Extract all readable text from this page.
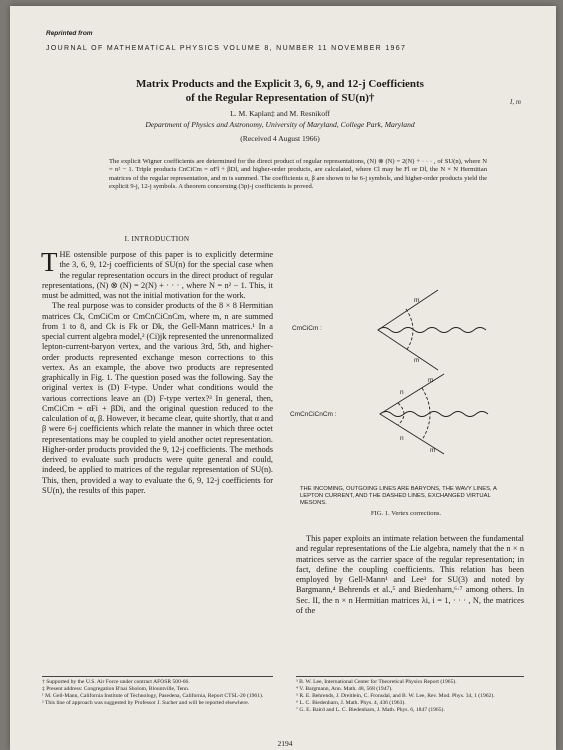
Reprinted from
JOURNAL OF MATHEMATICAL PHYSICS VOLUME 8, NUMBER 11 NOVEMBER 1967
Matrix Products and the Explicit 3, 6, 9, and 12-j Coefficients
of the Regular Representation of SU(n)†
L. M. Kaplan‡ and M. Resnikoff
Department of Physics and Astronomy, University of Maryland, College Park, Maryland
(Received 4 August 1966)
I, m
The explicit Wigner coefficients are determined for the direct product of regular representations, (N) ⊗ (N) = 2(N) + · · · , of SU(n), where N = n² − 1. Triple products CnCiCm = αFl + βDl, and higher-order products, are calculated, where Cl may be Fl or Dl, the N × N Hermitian matrices of the regular representation, and m is summed. The coefficients α, β are shown to be 6-j symbols, and higher-order products yield the explicit 9-j, 12-j symbols. A theorem concerning (3p)-j coefficients is proved.
I. INTRODUCTION

THE ostensible purpose of this paper is to explicitly determine the 3, 6, 9, 12-j coefficients of SU(n) for the special case when the regular representation occurs in the direct product of regular representations, (N) ⊗ (N) = 2(N) + · · · , where N = n² − 1. This, it must be admitted, was not the initial motivation for the work.

The real purpose was to consider products of the 8 × 8 Hermitian matrices Ck, CmCiCm or CmCnCiCnCm, where m, n are summed from 1 to 8, and Ck is Fk or Dk, the Gell-Mann matrices.¹ In a special current algebra model,² (Ci)jk represented the unrenormalized lepton-current-baryon vertex, and the various 3rd, 5th, and higher-order products represented exchange meson corrections to this vertex. As an example, the above two products are represented graphically in Fig. 1. The question posed was the following. Say the original vertex is (D) F-type. Under what conditions would the various corrections leave an (D) F-type vertex?³ In general, then, CmCiCm = αFi + βDi, and the original question reduced to the calculation of α, β. However, it became clear, quite shortly, that α and β were 6-j coefficients which relate the manner in which three octet representations may be coupled to yield another octet representation. Higher-order products provided the 9, 12-j coefficients. The methods derived to evaluate such products were quite general and could, indeed, be applied to matrices of the regular representation of SU(n). This, then, provided a way to evaluate the 6, 9, 12-j coefficients for SU(n), the results of this paper.

† Supported by the U.S. Air Force under contract AFOSR 500-66.
‡ Present address: Congregation B'nai Sholom, Blountville, Tenn.
¹ M. Gell-Mann, California Institute of Technology, Pasedena, California, Report CTSL-20 (1961).
² This line of approach was suggested by Professor J. Sucher and will be reported elsewhere.
CmCiCm :
m
m
CmCnCiCnCm :
n
m
n
m
THE INCOMING, OUTGOING LINES ARE BARYONS, THE WAVY LINES, A LEPTON CURRENT, AND THE DASHED LINES, EXCHANGED VIRTUAL MESONS.
FIG. 1. Vertex corrections.

This paper exploits an intimate relation between the fundamental and regular representations of the Lie algebra, namely that the n × n matrices serve as the carrier space of the regular representation; in fact, define the coupling coefficients. This relation has been employed by Gell-Mann¹ and Lee³ for SU(3) and noted by Bargmann,⁴ Behrends et al.,⁵ and Biedenharn,⁶·⁷ among others. In Sec. II, the n × n Hermitian matrices λi, i = 1, · · · , N, the matrices of the

³ B. W. Lee, International Center for Theoretical Physics Report (1965).
⁴ V. Bargmann, Ann. Math. 48, 568 (1947).
⁵ R. E. Behrends, J. Dreitlein, C. Fronsdal, and B. W. Lee, Rev. Mod. Phys. 34, 1 (1962).
⁶ L. C. Biedenharn, J. Math. Phys. 4, 436 (1963).
⁷ G. E. Baird and L. C. Biedenharn, J. Math. Phys. 6, 1847 (1965).
2194
